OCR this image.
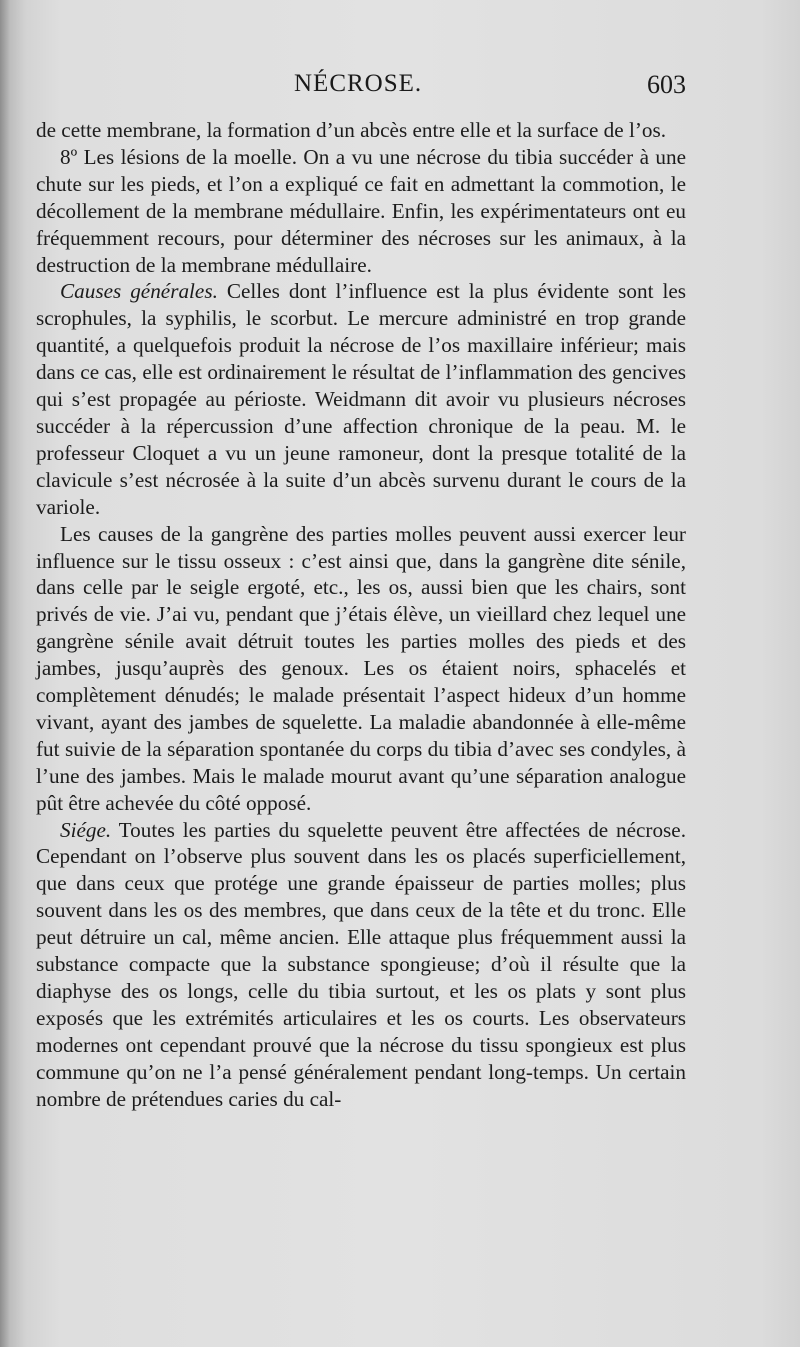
NÉCROSE.	603

de cette membrane, la formation d’un abcès entre elle et la surface de l’os.

8º Les lésions de la moelle. On a vu une nécrose du tibia succéder à une chute sur les pieds, et l’on a expliqué ce fait en admettant la commotion, le décollement de la membrane médullaire. Enfin, les expérimentateurs ont eu fréquemment recours, pour déterminer des nécroses sur les animaux, à la destruction de la membrane médullaire.

Causes générales. Celles dont l’influence est la plus évidente sont les scrophules, la syphilis, le scorbut. Le mercure administré en trop grande quantité, a quelquefois produit la nécrose de l’os maxillaire inférieur; mais dans ce cas, elle est ordinairement le résultat de l’inflammation des gencives qui s’est propagée au périoste. Weidmann dit avoir vu plusieurs nécroses succéder à la répercussion d’une affection chronique de la peau. M. le professeur Cloquet a vu un jeune ramoneur, dont la presque totalité de la clavicule s’est nécrosée à la suite d’un abcès survenu durant le cours de la variole.

Les causes de la gangrène des parties molles peuvent aussi exercer leur influence sur le tissu osseux : c’est ainsi que, dans la gangrène dite sénile, dans celle par le seigle ergoté, etc., les os, aussi bien que les chairs, sont privés de vie. J’ai vu, pendant que j’étais élève, un vieillard chez lequel une gangrène sénile avait détruit toutes les parties molles des pieds et des jambes, jusqu’auprès des genoux. Les os étaient noirs, sphacelés et complètement dénudés; le malade présentait l’aspect hideux d’un homme vivant, ayant des jambes de squelette. La maladie abandonnée à elle-même fut suivie de la séparation spontanée du corps du tibia d’avec ses condyles, à l’une des jambes. Mais le malade mourut avant qu’une séparation analogue pût être achevée du côté opposé.

Siége. Toutes les parties du squelette peuvent être affectées de nécrose. Cependant on l’observe plus souvent dans les os placés superficiellement, que dans ceux que protége une grande épaisseur de parties molles; plus souvent dans les os des membres, que dans ceux de la tête et du tronc. Elle peut détruire un cal, même ancien. Elle attaque plus fréquemment aussi la substance compacte que la substance spongieuse; d’où il résulte que la diaphyse des os longs, celle du tibia surtout, et les os plats y sont plus exposés que les extrémités articulaires et les os courts. Les observateurs modernes ont cependant prouvé que la nécrose du tissu spongieux est plus commune qu’on ne l’a pensé généralement pendant long-temps. Un certain nombre de prétendues caries du cal-
